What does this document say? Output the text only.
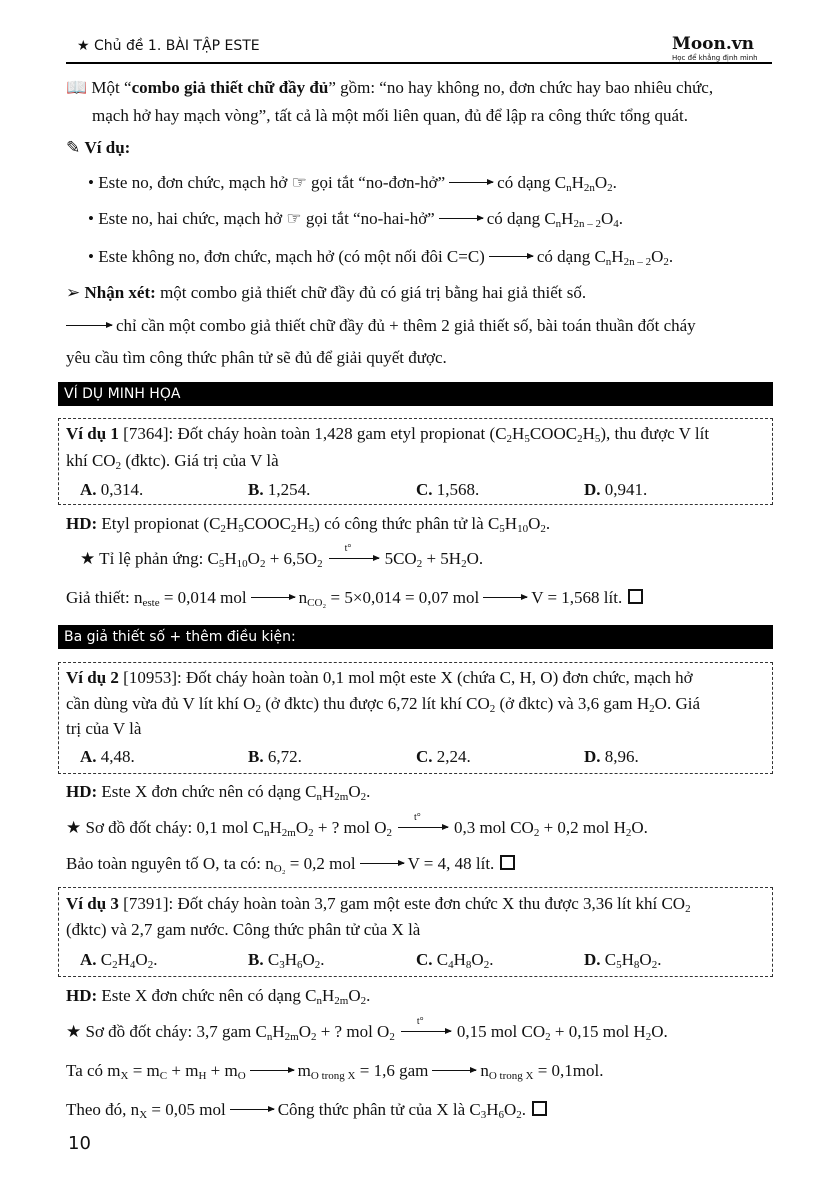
★ Chủ đề 1. BÀI TẬP ESTE	Moon.vn
Học để khẳng định mình
📖 Một “combo giả thiết chữ đầy đủ” gồm: “no hay không no, đơn chức hay bao nhiêu chức,
mạch hở hay mạch vòng”, tất cả là một mối liên quan, đủ để lập ra công thức tổng quát.
✎ Ví dụ:
• Este no, đơn chức, mạch hở ☞ gọi tắt “no-đơn-hở”	có dạng $C_nH_{2n}O_2$.
• Este no, hai chức, mạch hở ☞ gọi tắt “no-hai-hở”	có dạng $C_nH_{2n - 2}O_4$.
• Este không no, đơn chức, mạch hở (có một nối đôi C=C)	có dạng $C_nH_{2n - 2}O_2$.
➢ Nhận xét: một combo giả thiết chữ đầy đủ có giá trị bằng hai giả thiết số.
chỉ cần một combo giả thiết chữ đầy đủ + thêm 2 giả thiết số, bài toán thuần đốt cháy
yêu cầu tìm công thức phân tử sẽ đủ để giải quyết được.
VÍ DỤ MINH HỌA
Ví dụ 1 [7364]: Đốt cháy hoàn toàn 1,428 gam etyl propionat $(C_2H_5COOC_2H_5)$, thu được V lít
khí $CO_2$ (đktc). Giá trị của V là
A. 0,314.	B. 1,254.	C. 1,568.	D. 0,941.
HD: Etyl propionat $(C_2H_5COOC_2H_5)$ có công thức phân tử là $C_5H_{10}O_2$.
★ Tỉ lệ phản ứng: $C_5H_{10}O_2 + 6,5O_2$
t°
$5CO_2 + 5H_2O$.
Giả thiết: $n_{este} = 0,014$ mol	$n_{CO_2} = 5\times 0,014 = 0,07$ mol	V = 1,568 lít.
Ba giả thiết số + thêm điều kiện:
Ví dụ 2 [10953]: Đốt cháy hoàn toàn 0,1 mol một este X (chứa C, H, O) đơn chức, mạch hở
cần dùng vừa đủ V lít khí $O_2$ (ở đktc) thu được 6,72 lít khí $CO_2$ (ở đktc) và 3,6 gam $H_2O$. Giá
trị của V là
A. 4,48.	B. 6,72.	C. 2,24.	D. 8,96.
HD: Este X đơn chức nên có dạng $C_nH_{2m}O_2$.
★ Sơ đồ đốt cháy: 0,1 mol $C_nH_{2m}O_2$ + ? mol $O_2$
t°
0,3 mol $CO_2 + 0,2$ mol $H_2O$.
Bảo toàn nguyên tố O, ta có: $n_{O_2} = 0,2$ mol	V = 4, 48 lít.
Ví dụ 3 [7391]: Đốt cháy hoàn toàn 3,7 gam một este đơn chức X thu được 3,36 lít khí $CO_2$
(đktc) và 2,7 gam nước. Công thức phân tử của X là
A. $C_2H_4O_2$.	B. $C_3H_6O_2$.	C. $C_4H_8O_2$.	D. $C_5H_8O_2$.
HD: Este X đơn chức nên có dạng $C_nH_{2m}O_2$.
★ Sơ đồ đốt cháy: 3,7 gam $C_nH_{2m}O_2$ + ? mol $O_2$
t°
0,15 mol $CO_2 + 0,15$ mol $H_2O$.
Ta có $m_X = m_C + m_H + m_O$	$m_{O trong X} = 1,6$ gam	$n_{O trong X} = 0,1mol$.
Theo đó, $n_X = 0,05$ mol	Công thức phân tử của X là $C_3H_6O_2$.
10
